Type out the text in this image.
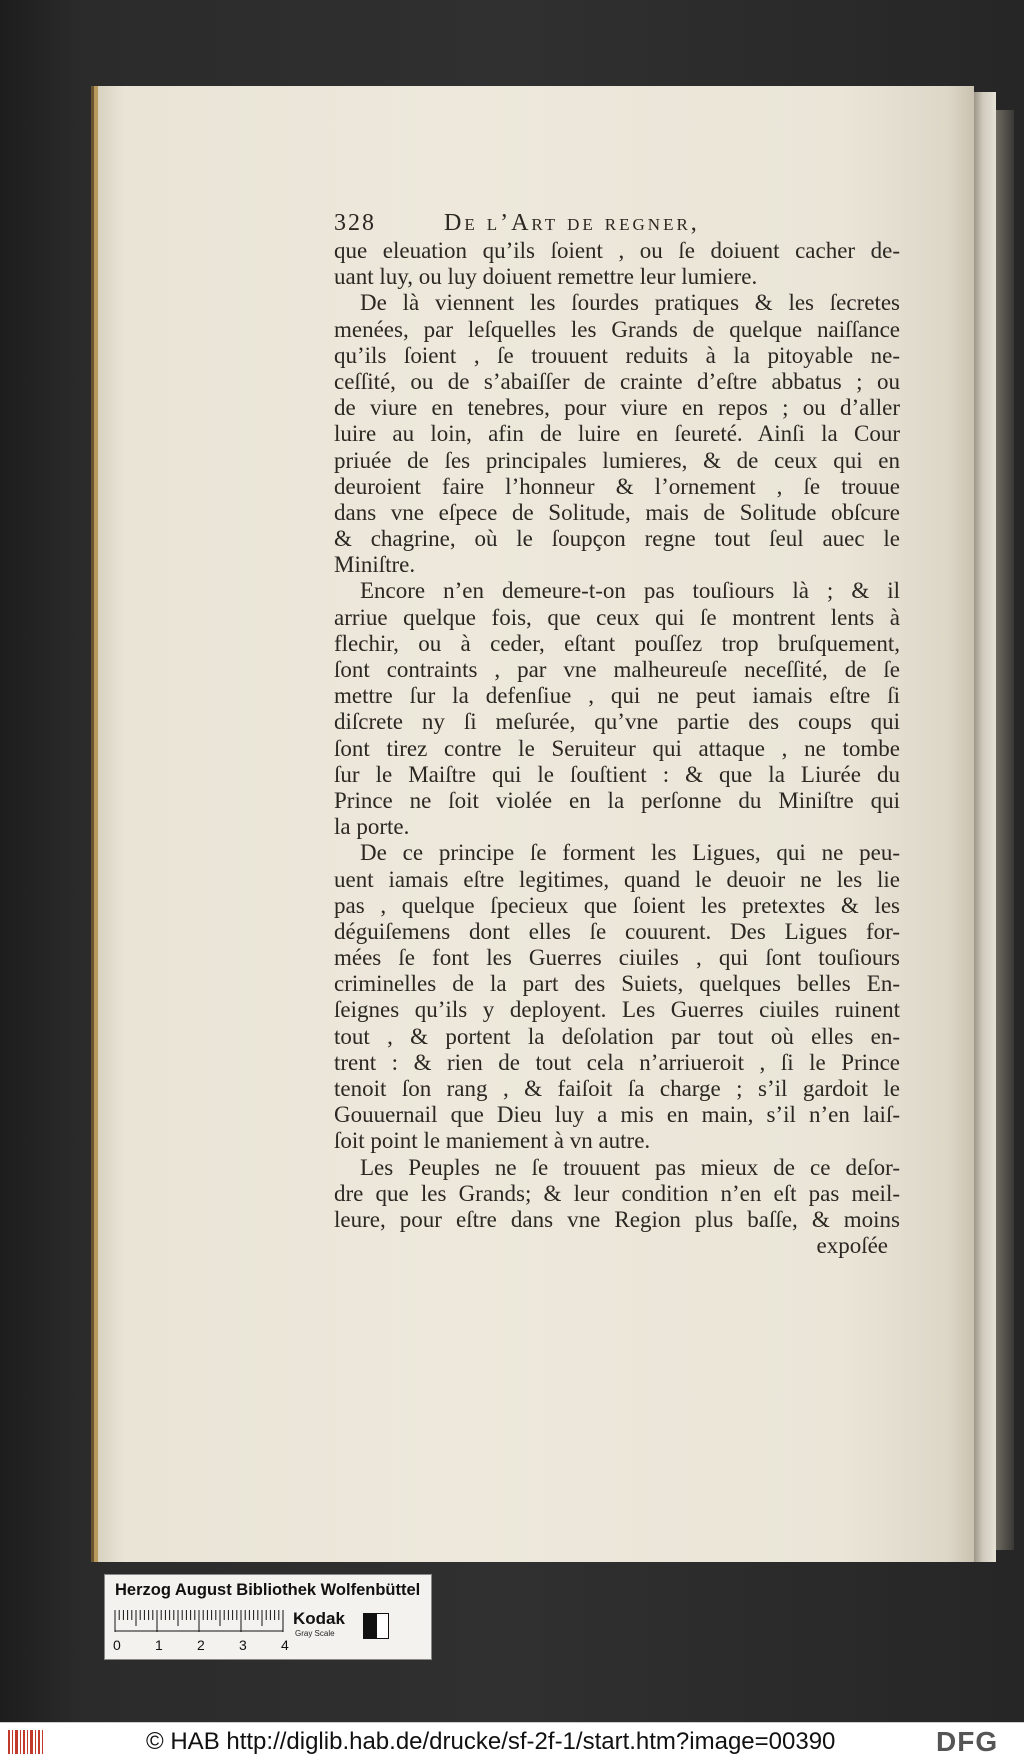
328	De l’Art de regner,
que eleuation qu’ils ſoient , ou ſe doiuent cacher de-
uant luy, ou luy doiuent remettre leur lumiere.
De là viennent les ſourdes pratiques & les ſecretes
menées, par leſquelles les Grands de quelque naiſſance
qu’ils ſoient , ſe trouuent reduits à la pitoyable ne-
ceſſité, ou de s’abaiſſer de crainte d’eſtre abbatus ; ou
de viure en tenebres, pour viure en repos ; ou d’aller
luire au loin, afin de luire en ſeureté. Ainſi la Cour
priuée de ſes principales lumieres, & de ceux qui en
deuroient faire l’honneur & l’ornement , ſe trouue
dans vne eſpece de Solitude, mais de Solitude obſcure
& chagrine, où le ſoupçon regne tout ſeul auec le
Miniſtre.
Encore n’en demeure-t-on pas touſiours là ; & il
arriue quelque fois, que ceux qui ſe montrent lents à
flechir, ou à ceder, eſtant pouſſez trop bruſquement,
ſont contraints , par vne malheureuſe neceſſité, de ſe
mettre ſur la defenſiue , qui ne peut iamais eſtre ſi
diſcrete ny ſi meſurée, qu’vne partie des coups qui
ſont tirez contre le Seruiteur qui attaque , ne tombe
ſur le Maiſtre qui le ſouſtient : & que la Liurée du
Prince ne ſoit violée en la perſonne du Miniſtre qui
la porte.
De ce principe ſe forment les Ligues, qui ne peu-
uent iamais eſtre legitimes, quand le deuoir ne les lie
pas , quelque ſpecieux que ſoient les pretextes & les
déguiſemens dont elles ſe couurent. Des Ligues for-
mées ſe font les Guerres ciuiles , qui ſont touſiours
criminelles de la part des Suiets, quelques belles En-
ſeignes qu’ils y deployent. Les Guerres ciuiles ruinent
tout , & portent la deſolation par tout où elles en-
trent : & rien de tout cela n’arriueroit , ſi le Prince
tenoit ſon rang , & faiſoit ſa charge ; s’il gardoit le
Gouuernail que Dieu luy a mis en main, s’il n’en laiſ-
ſoit point le maniement à vn autre.
Les Peuples ne ſe trouuent pas mieux de ce deſor-
dre que les Grands; & leur condition n’en eſt pas meil-
leure, pour eſtre dans vne Region plus baſſe, & moins
expoſée
Herzog August Bibliothek Wolfenbüttel
0 1 2 3 4
Kodak
Gray Scale
© HAB http://diglib.hab.de/drucke/sf-2f-1/start.htm?image=00390	DFG
